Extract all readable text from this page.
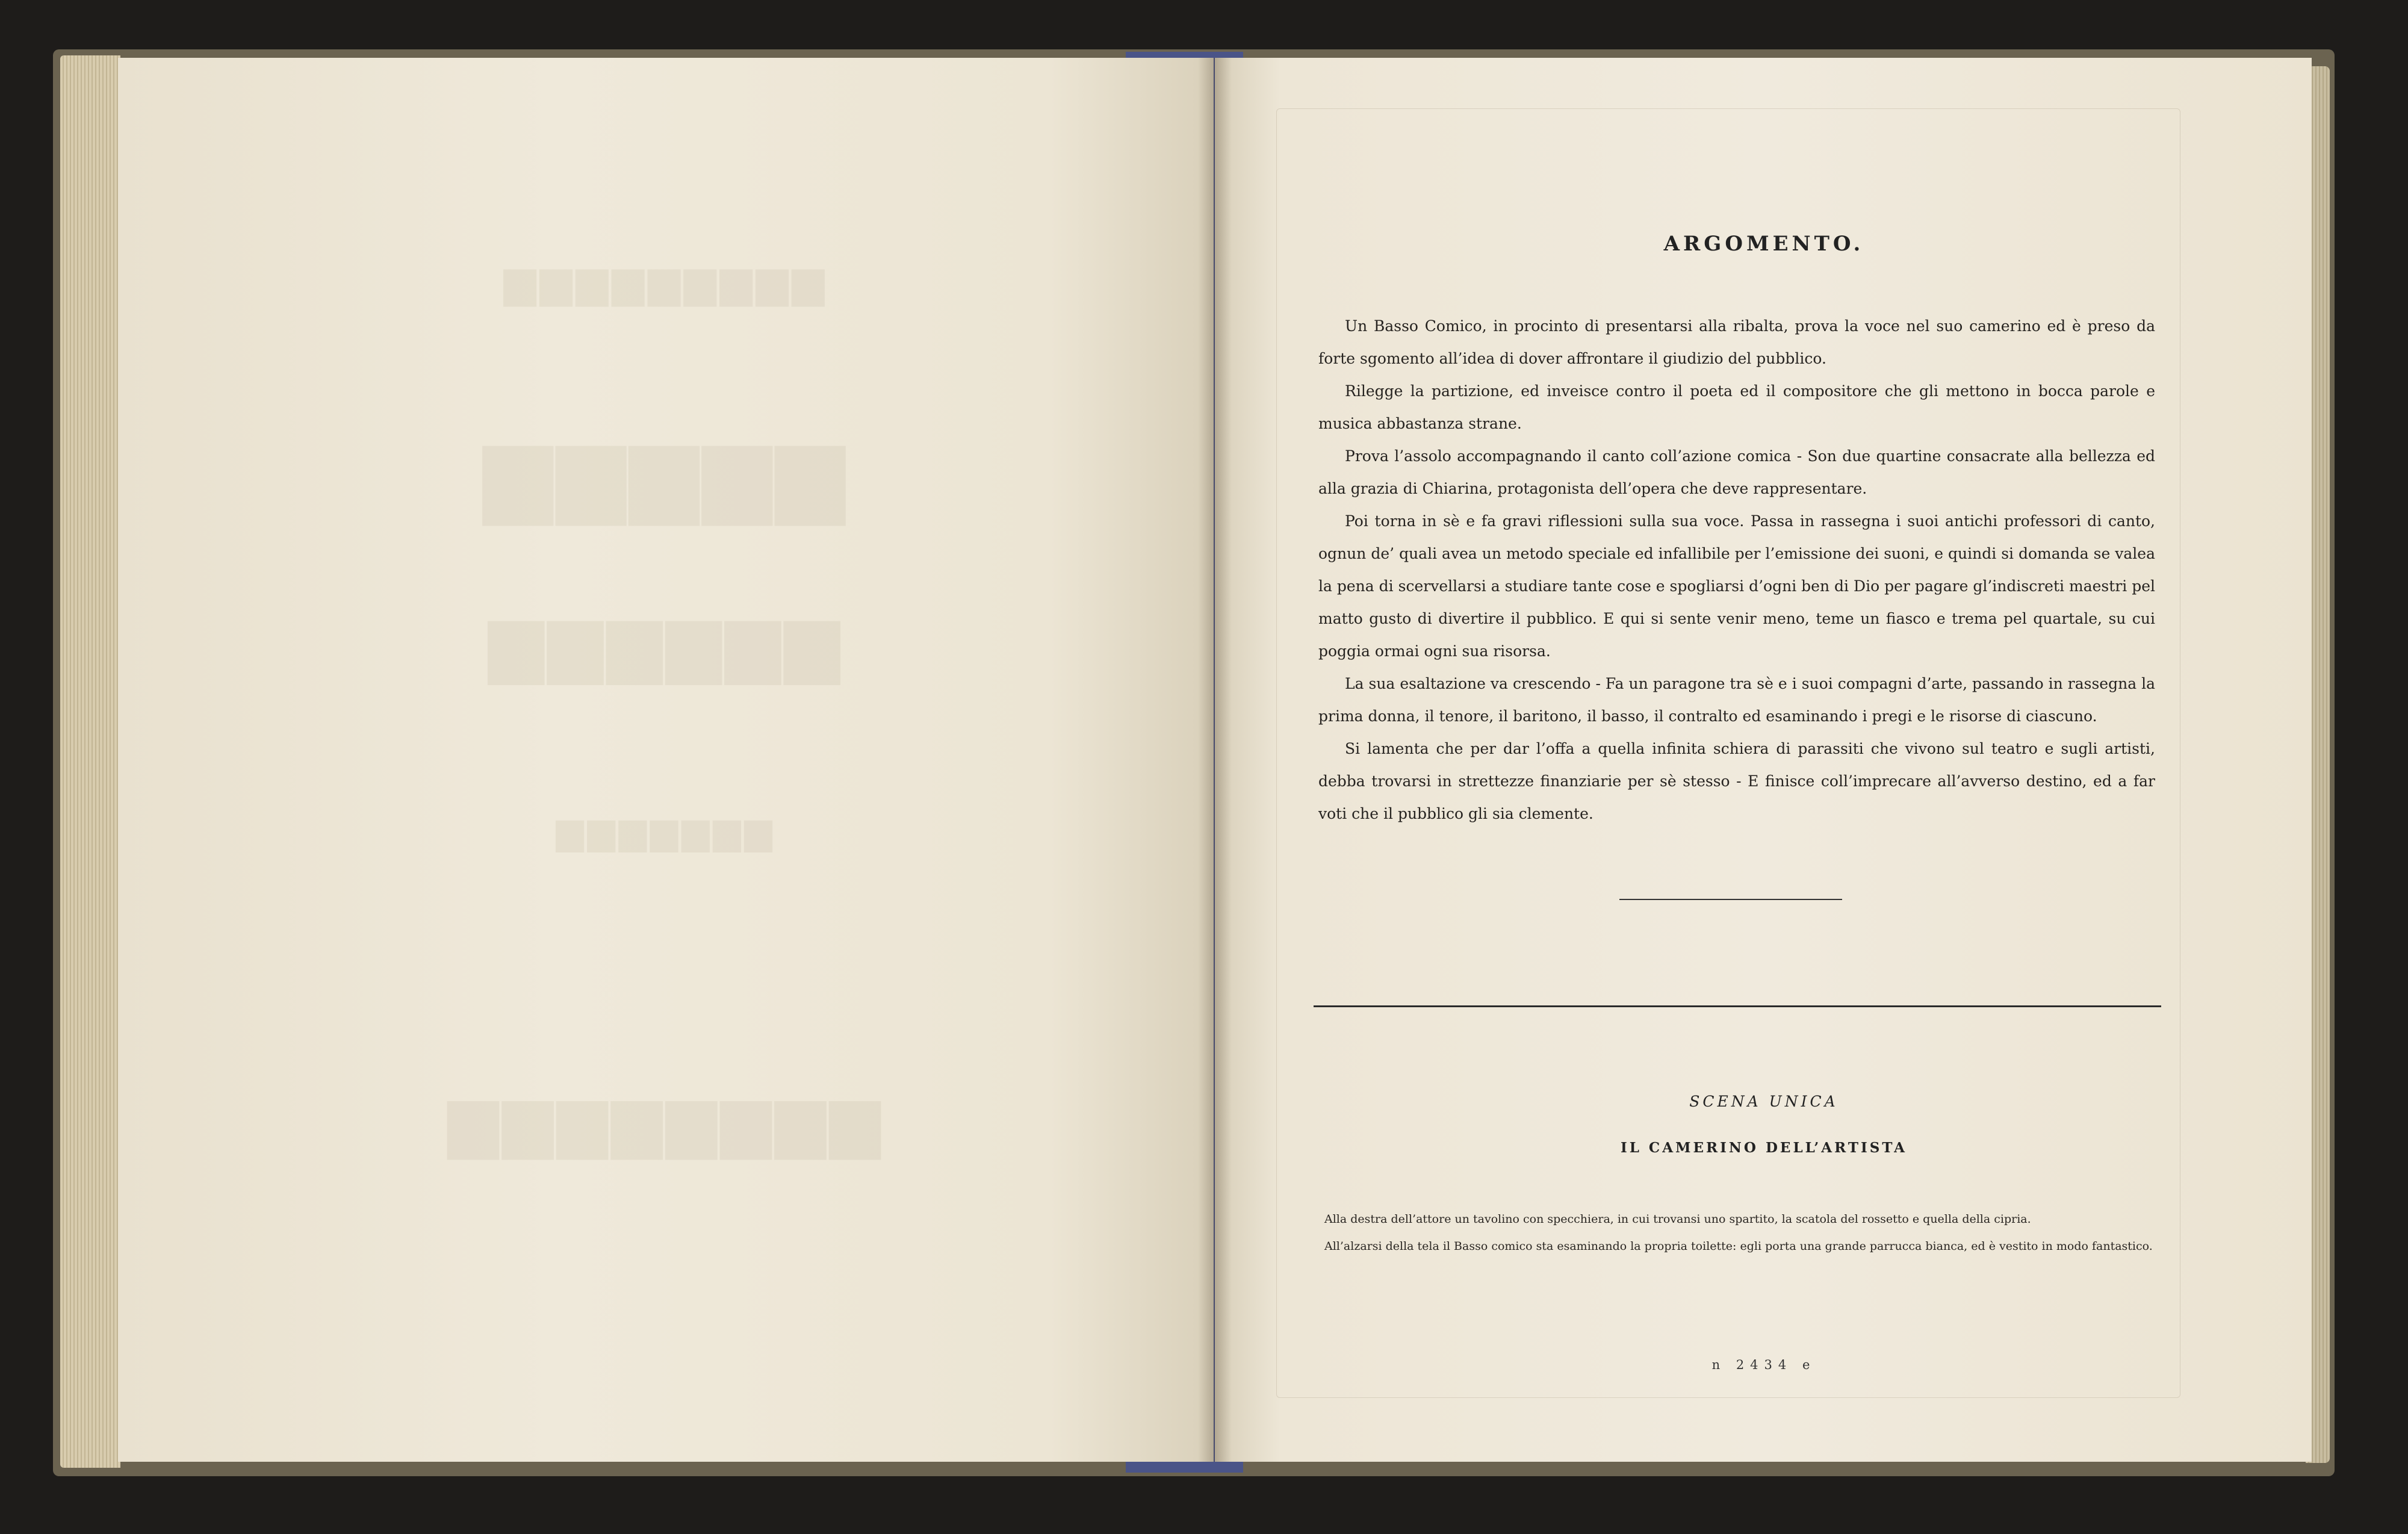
▆▆▆▆▆▆▆▆▆
▆▆▆▆▆
▆▆▆▆▆▆
▆▆▆▆▆▆▆
▆▆▆▆▆▆▆▆
ARGOMENTO.

Un Basso Comico, in procinto di presentarsi alla ribalta, prova la voce nel suo camerino ed è preso da forte sgomento all’idea di dover affrontare il giudizio del pubblico.

Rilegge la partizione, ed inveisce contro il poeta ed il compositore che gli mettono in bocca parole e musica abbastanza strane.

Prova l’assolo accompagnando il canto coll’azione comica - Son due quartine consacrate alla bellezza ed alla grazia di Chiarina, protagonista dell’opera che deve rappresentare.

Poi torna in sè e fa gravi riflessioni sulla sua voce. Passa in rassegna i suoi antichi professori di canto, ognun de’ quali avea un metodo speciale ed infallibile per l’emissione dei suoni, e quindi si domanda se valea la pena di scervellarsi a studiare tante cose e spogliarsi d’ogni ben di Dio per pagare gl’indiscreti maestri pel matto gusto di divertire il pubblico. E qui si sente venir meno, teme un fiasco e trema pel quartale, su cui poggia ormai ogni sua risorsa.

La sua esaltazione va crescendo - Fa un paragone tra sè e i suoi compagni d’arte, passando in rassegna la prima donna, il tenore, il baritono, il basso, il contralto ed esaminando i pregi e le risorse di ciascuno.

Si lamenta che per dar l’offa a quella infinita schiera di parassiti che vivono sul teatro e sugli artisti, debba trovarsi in strettezze finanziarie per sè stesso - E finisce coll’imprecare all’avverso destino, ed a far voti che il pubblico gli sia clemente.

SCENA UNICA
IL CAMERINO DELL’ARTISTA

Alla destra dell’attore un tavolino con specchiera, in cui trovansi uno spartito, la scatola del rossetto e quella della cipria.

All’alzarsi della tela il Basso comico sta esaminando la propria toilette: egli porta una grande parrucca bianca, ed è vestito in modo fantastico.

n 2434 e
